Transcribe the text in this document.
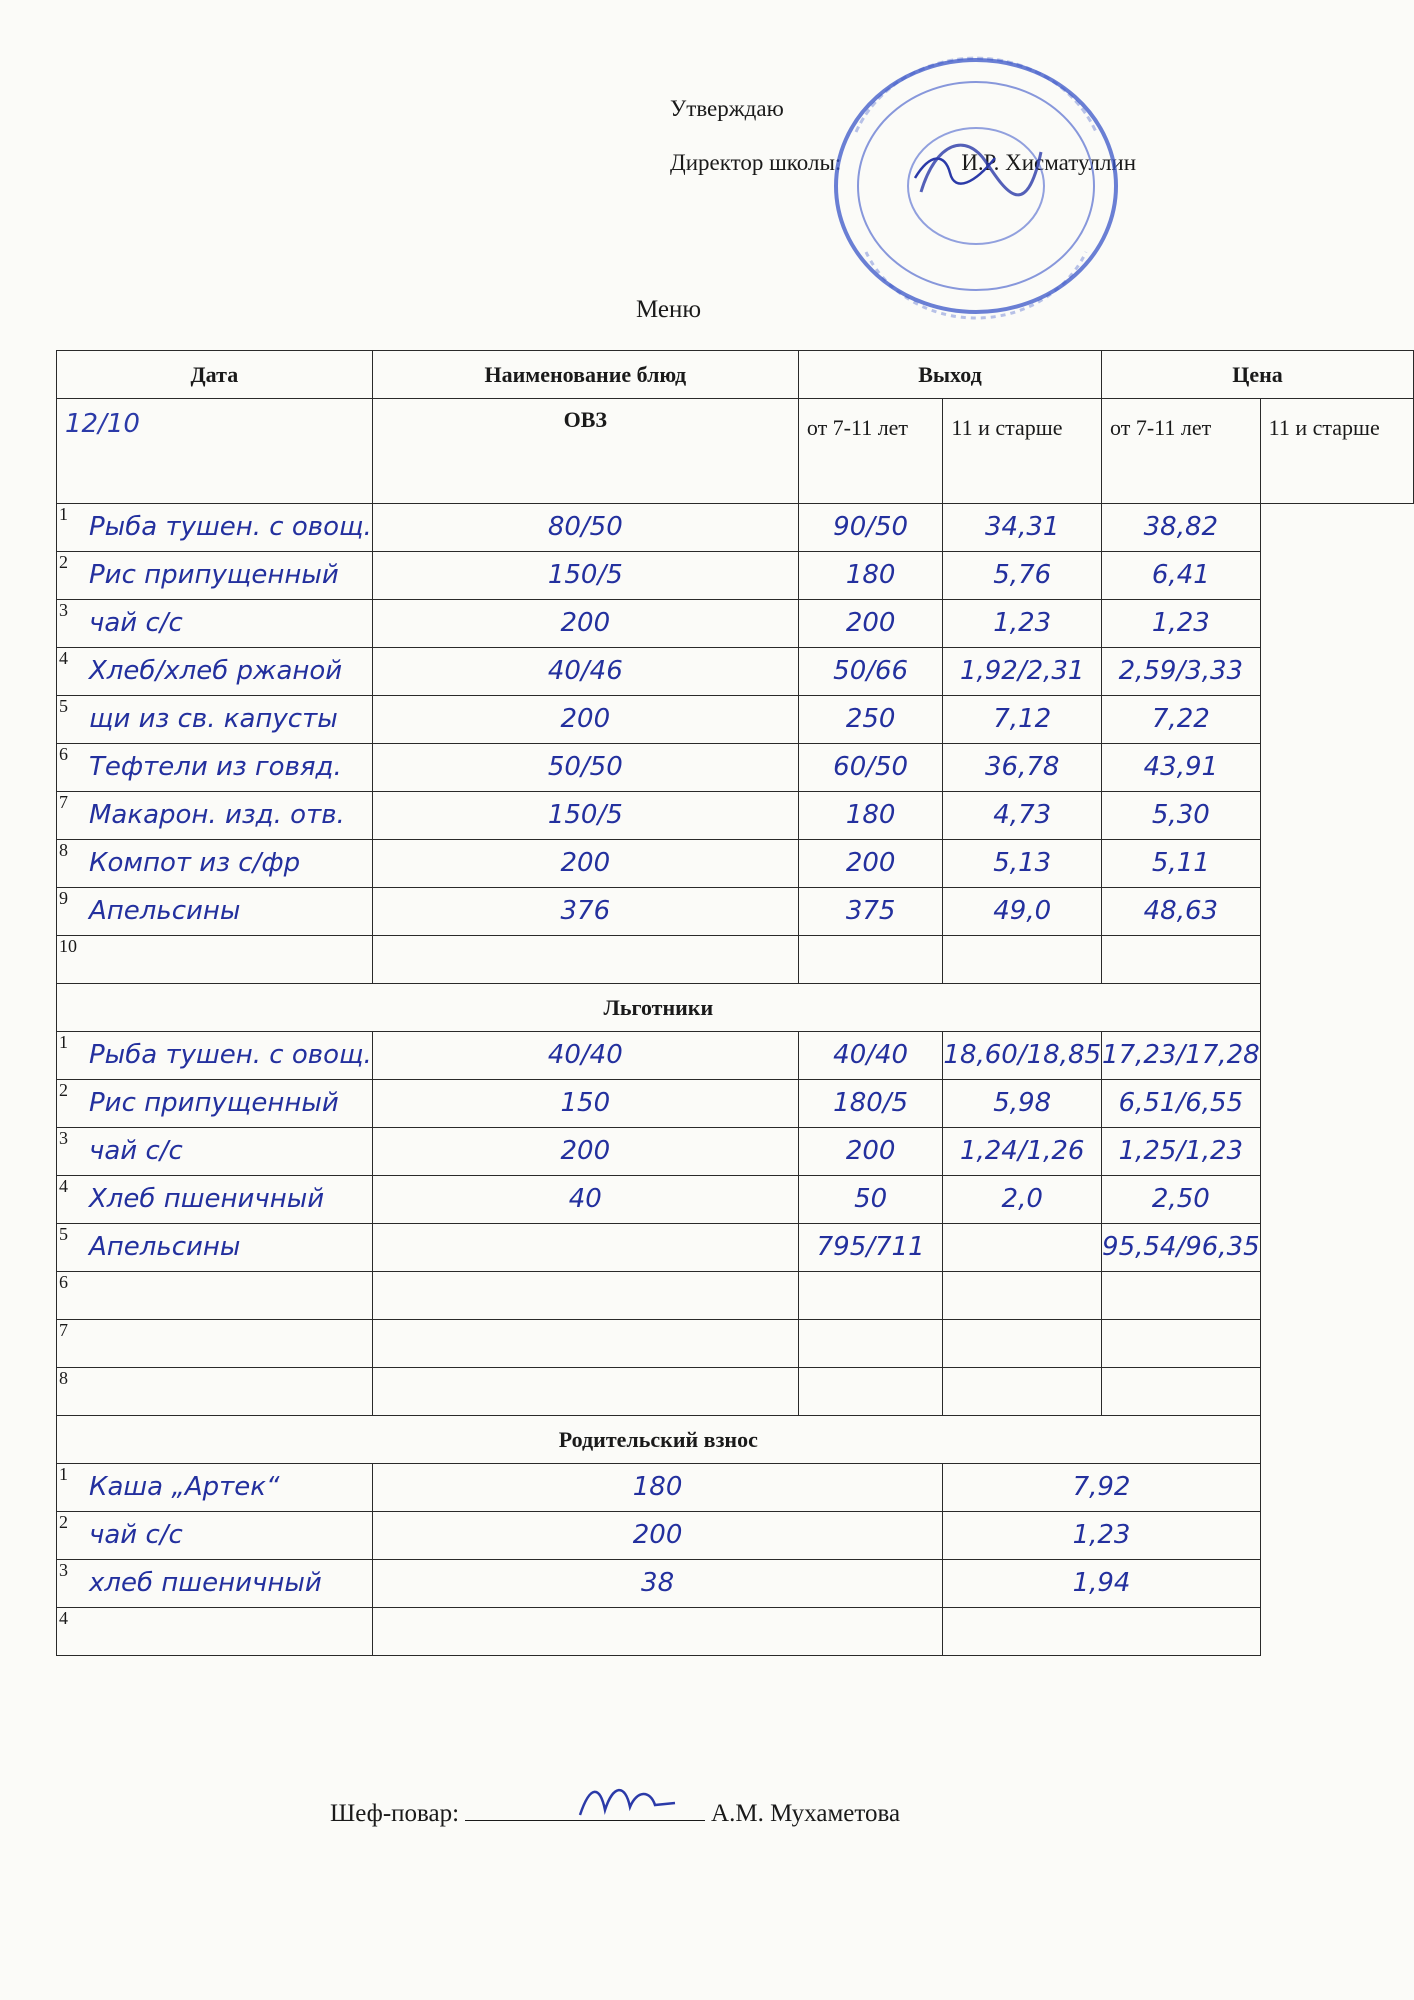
Утверждаю
Директор школы:	И.Р. Хисматуллин
Меню
Дата	Наименование блюд	Выход		Цена	

12/10	ОВЗ	от 7-11 лет	11 и старше	от 7-11 лет	11 и старше

1 Рыба тушен. с овощ.	80/50	90/50	34,31	38,82	

2 Рис припущенный	150/5	180	5,76	6,41	

3 чай с/с	200	200	1,23	1,23	

4 Хлеб/хлеб ржаной	40/46	50/66	1,92/2,31	2,59/3,33	

5 щи из св. капусты	200	250	7,12	7,22	

6 Тефтели из говяд.	50/50	60/50	36,78	43,91	

7 Макарон. изд. отв.	150/5	180	4,73	5,30	

8 Компот из с/фр	200	200	5,13	5,11	

9 Апельсины	376	375	49,0	48,63	

10					

Льготники					

1 Рыба тушен. с овощ.	40/40	40/40	18,60/18,85	17,23/17,28	

2 Рис припущенный	150	180/5	5,98	6,51/6,55	

3 чай с/с	200	200	1,24/1,26	1,25/1,23	

4 Хлеб пшеничный	40	50	2,0	2,50	

5 Апельсины		795/711		95,54/96,35	

6					

7					

8					

Родительский взнос					

1 Каша „Артек“	180		7,92		

2 чай с/с	200		1,23		

3 хлеб пшеничный	38		1,94		

4					

Шеф-повар:	А.М. Мухаметова
